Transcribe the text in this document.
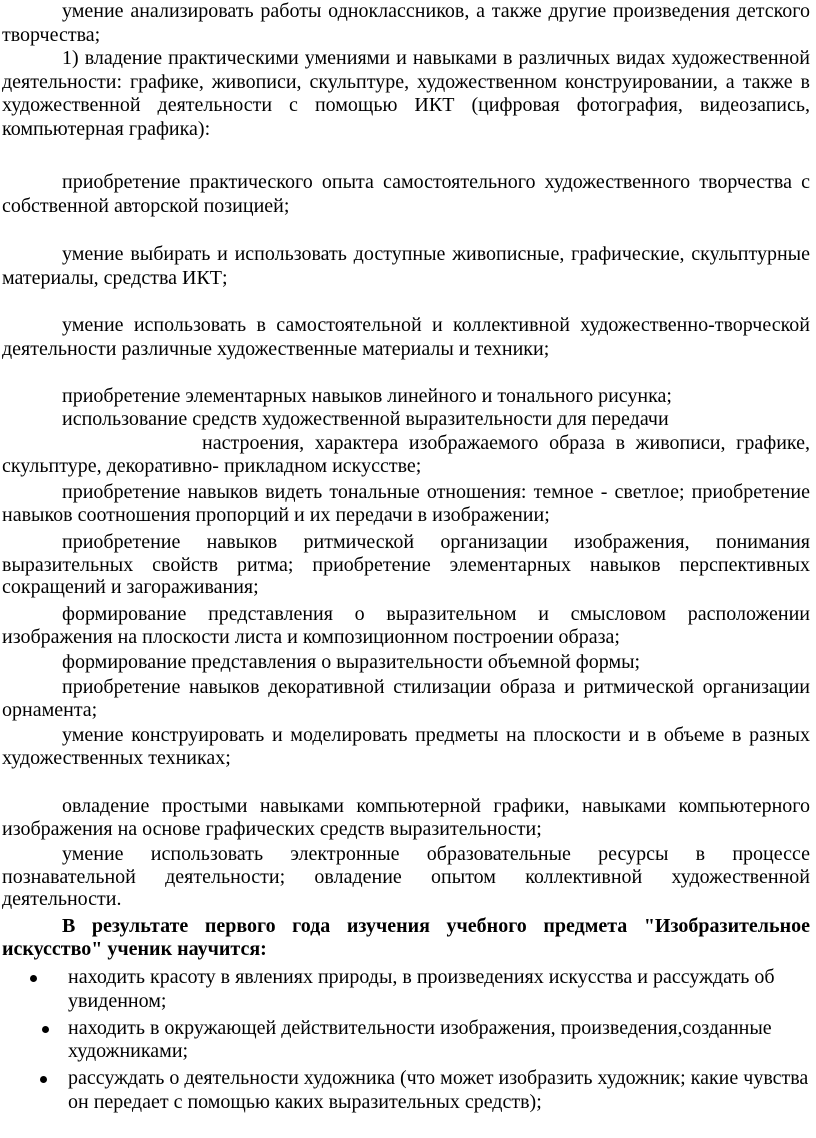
умение анализировать работы одноклассников, а также другие произведения детского творчества;

1) владение практическими умениями и навыками в различных видах художественной деятельности: графике, живописи, скульптуре, художественном конструировании, а также в художественной деятельности с помощью ИКТ (цифровая фотография, видеозапись, компьютерная графика):

приобретение практического опыта самостоятельного художественного творчества с собственной авторской позицией;

умение выбирать и использовать доступные живописные, графические, скульптурные материалы, средства ИКТ;

умение использовать в самостоятельной и коллективной художественно-творческой деятельности различные художественные материалы и техники;

приобретение элементарных навыков линейного и тонального рисунка;

использование средств художественной выразительности для передачи

настроения, характера изображаемого образа в живописи, графике, скульптуре, декоративно- прикладном искусстве;

приобретение навыков видеть тональные отношения: темное - светлое; приобретение навыков соотношения пропорций и их передачи в изображении;

приобретение навыков ритмической организации изображения, понимания выразительных свойств ритма; приобретение элементарных навыков перспективных сокращений и загораживания;

формирование представления о выразительном и смысловом расположении изображения на плоскости листа и композиционном построении образа;

формирование представления о выразительности объемной формы;

приобретение навыков декоративной стилизации образа и ритмической организации орнамента;

умение конструировать и моделировать предметы на плоскости и в объеме в разных художественных техниках;

овладение простыми навыками компьютерной графики, навыками компьютерного изображения на основе графических средств выразительности;

умение использовать электронные образовательные ресурсы в процессе познавательной деятельности; овладение опытом коллективной художественной деятельности.

В результате первого года изучения учебного предмета "Изобразительное искусство" ученик научится:

находить красоту в явлениях природы, в произведениях искусства и рассуждать об увиденном;
находить в окружающей действительности изображения, произведения,созданные художниками;
рассуждать о деятельности художника (что может изобразить художник; какие чувства он передает с помощью каких выразительных средств);
